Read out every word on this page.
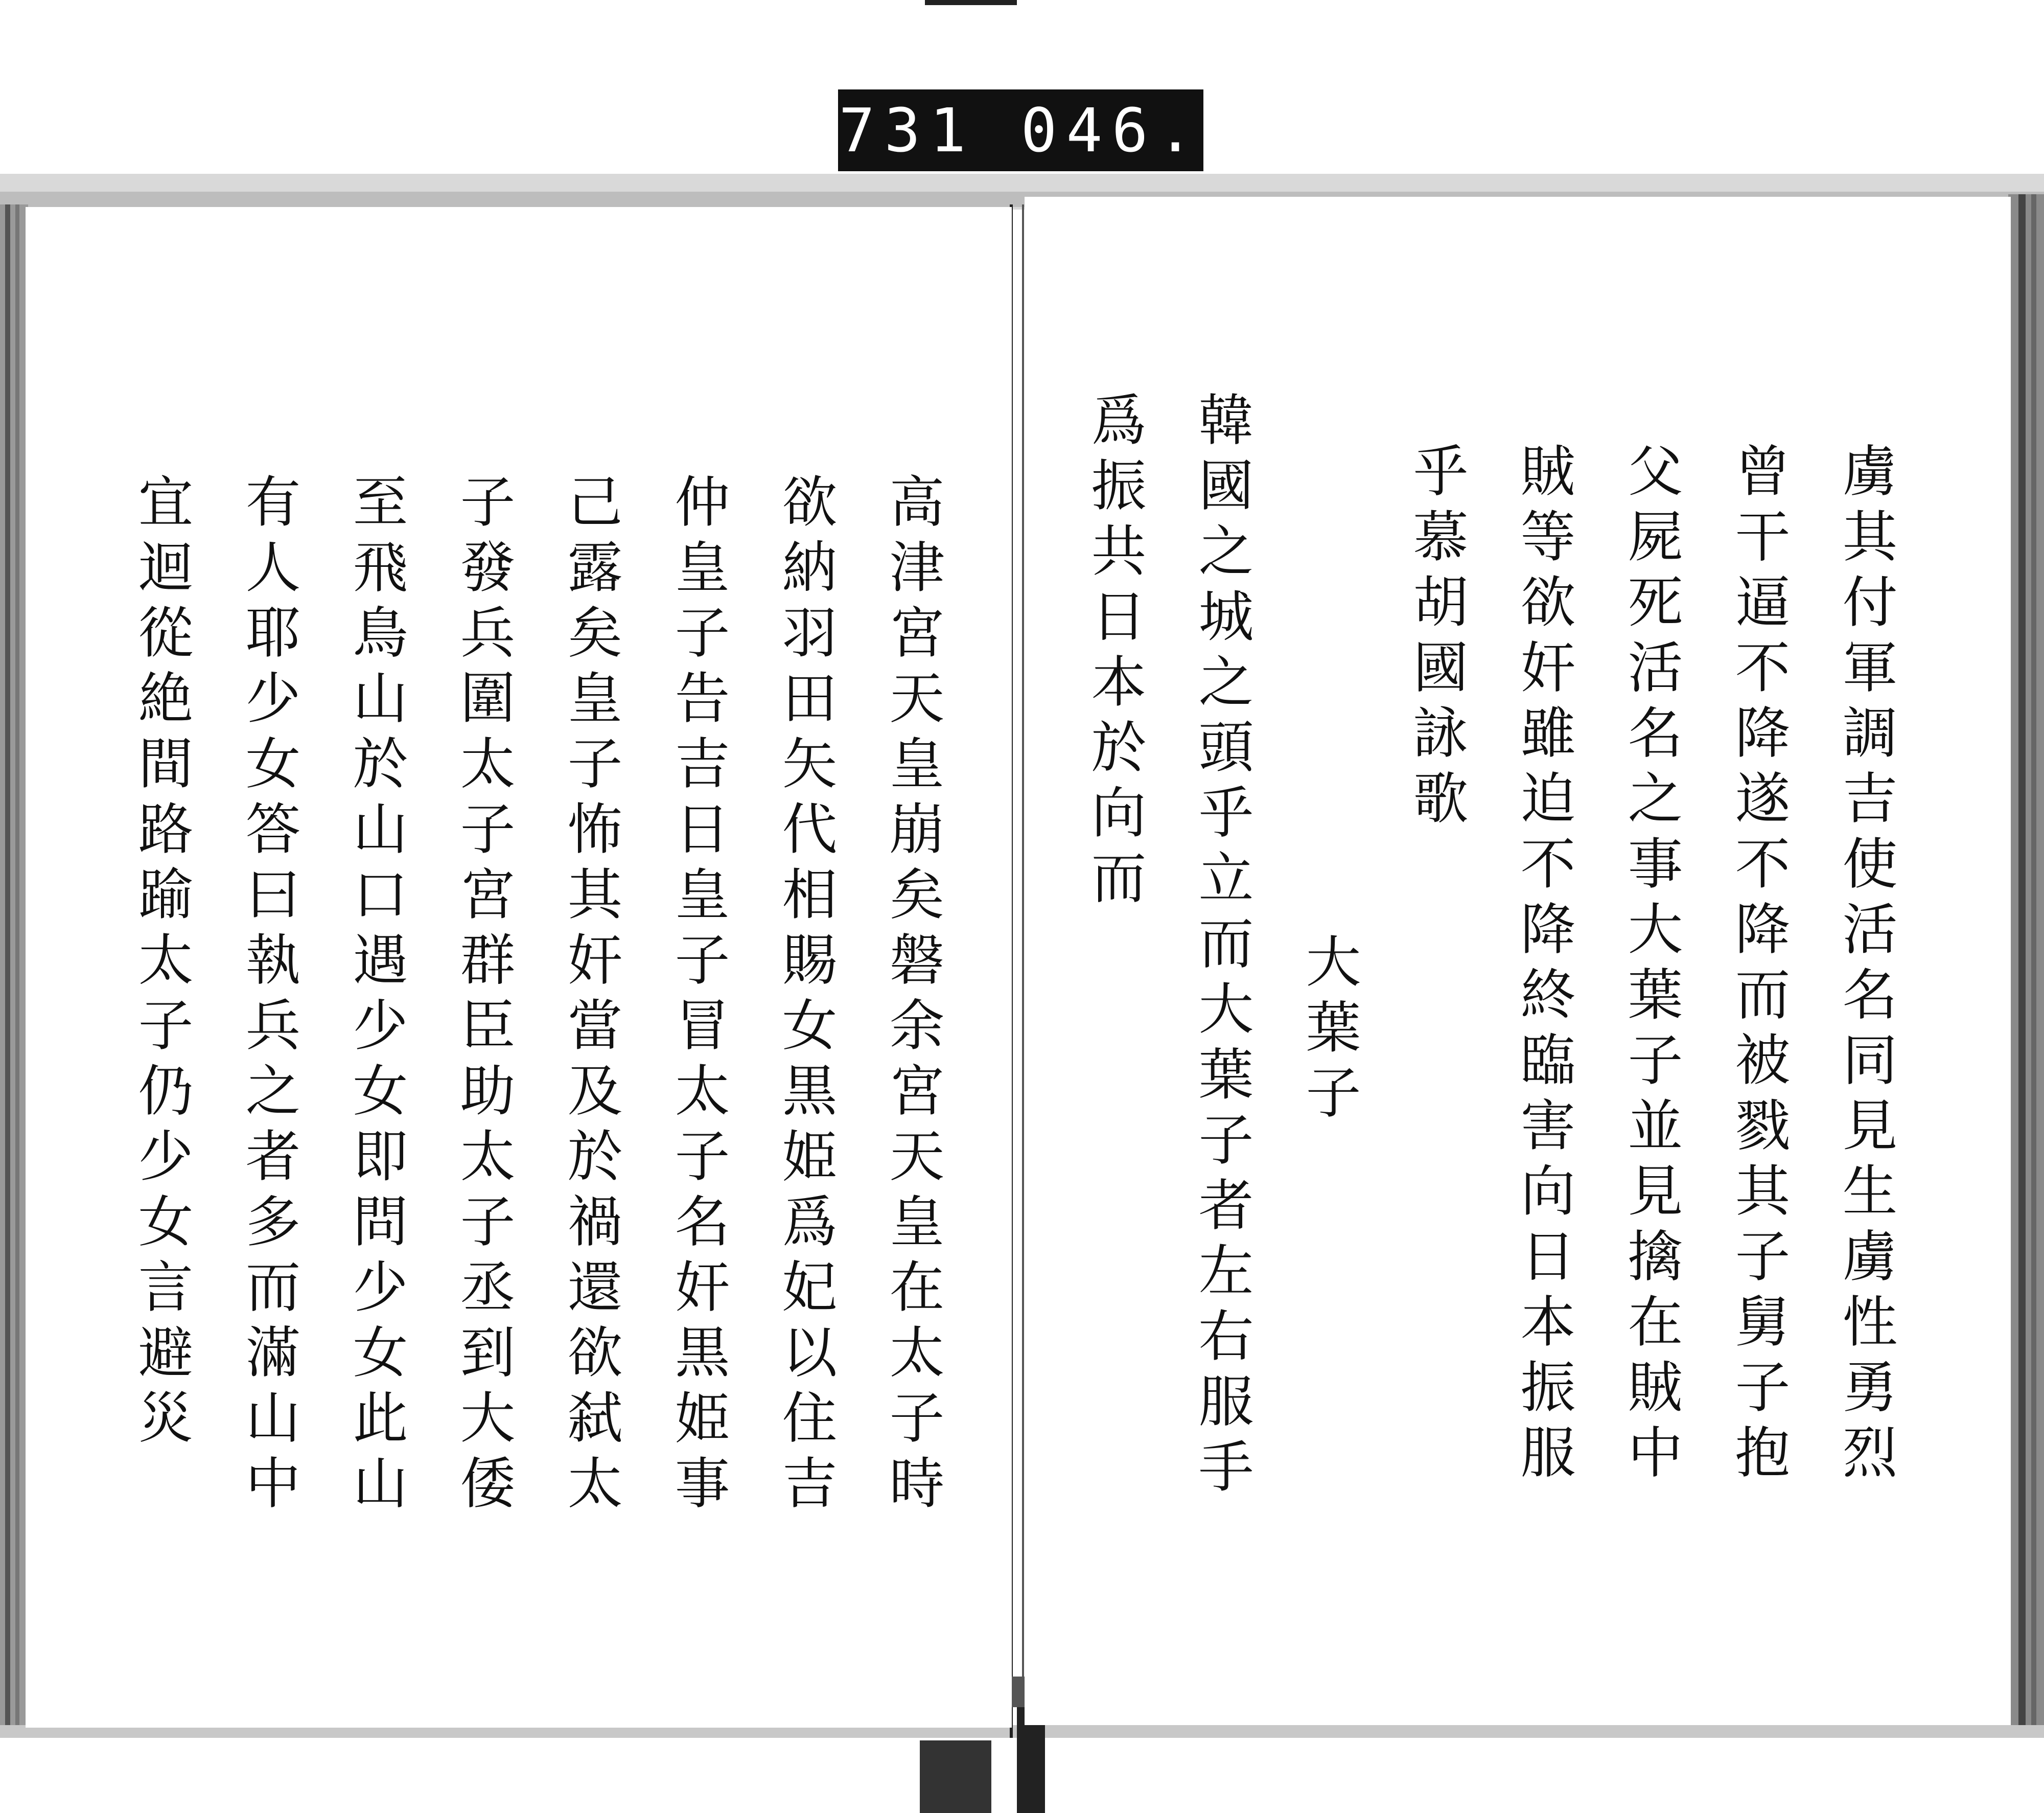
731 046.
高津宮天皇崩矣磐余宮天皇在太子時
欲納羽田矢代相賜女黒姫爲妃以住吉
仲皇子告吉日皇子冒太子名奸黒姫事
己露矣皇子怖其奸當及於禍還欲弑太
子發兵圍太子宮群臣助太子丞到大倭
至飛鳥山於山口遇少女即問少女此山
有人耶少女答曰執兵之者多而滿山中
宜迴從絶間路踰太子仍少女言避災	虜其付軍調吉使活名同見生虜性勇烈
曾干逼不降遂不降而被戮其子舅子抱
父屍死活名之事大葉子並見擒在賊中
賊等欲奸雖迫不降終臨害向日本振服
乎慕胡國詠歌
大葉子
韓國之城之頭乎立而大葉子者左右服手
爲振共日本於向而
